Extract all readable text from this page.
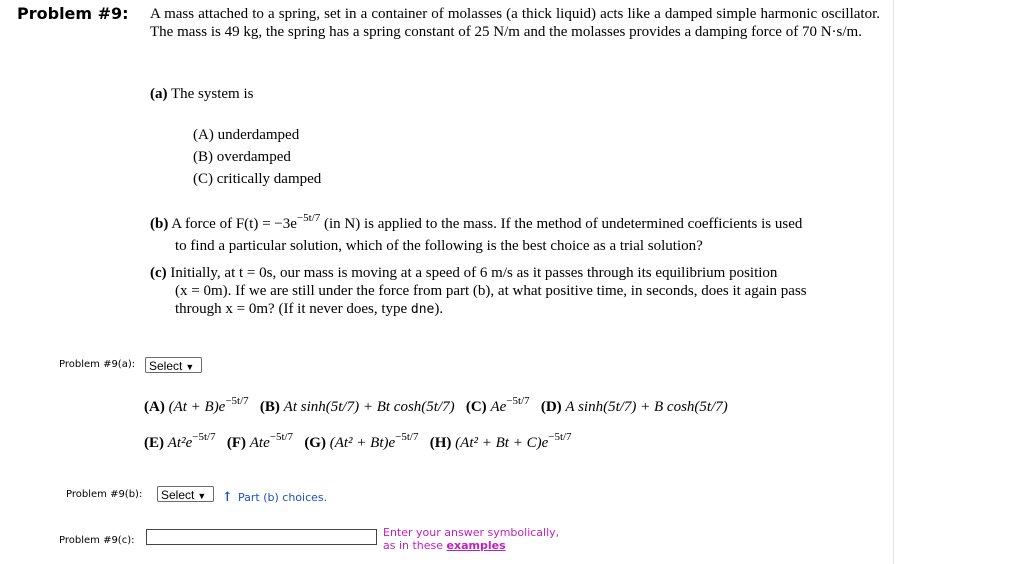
Problem #9: A mass attached to a spring, set in a container of molasses (a thick liquid) acts like a damped simple harmonic oscillator. The mass is 49 kg, the spring has a spring constant of 25 N/m and the molasses provides a damping force of 70 N·s/m.
(a) The system is
(A) underdamped
(B) overdamped
(C) critically damped
(b) A force of $F(t) = -3e^{-5t/7}$ (in N) is applied to the mass. If the method of undetermined coefficients is used
to find a particular solution, which of the following is the best choice as a trial solution?
(c) Initially, at t = 0s, our mass is moving at a speed of 6 m/s as it passes through its equilibrium position
(x = 0m). If we are still under the force from part (b), at what positive time, in seconds, does it again pass
through x = 0m? (If it never does, type dne).
Problem #9(a):	Select ▼
(A) $(At + B)e^{-5t/7}$ (B) At sinh(5t/7) + Bt cosh(5t/7) (C) $Ae^{-5t/7}$ (D) A sinh(5t/7) + B cosh(5t/7)
(E) $At^2e^{-5t/7}$ (F) Ate$^{-5t/7}$ (G) $(At^2 + Bt)e^{-5t/7}$ (H) $(At^2 + Bt + C)e^{-5t/7}$
Problem #9(b):	Select ▼	↑ Part (b) choices.
Problem #9(c):
Enter your answer symbolically,
as in these examples
